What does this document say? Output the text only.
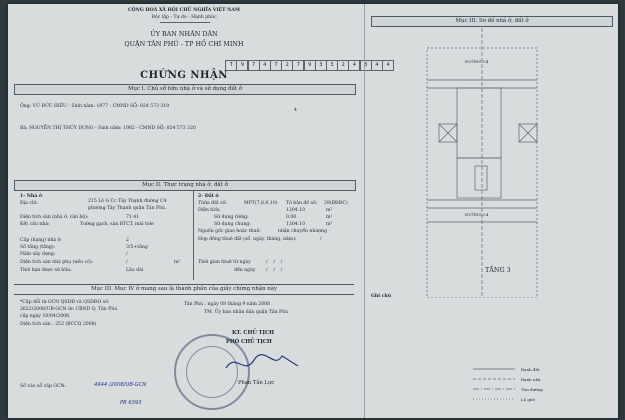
CỘNG HOÀ XÃ HỘI CHỦ NGHĨA VIỆT NAM
Độc lập - Tự do - Hạnh phúc
ỦY BAN NHÂN DÂN
QUẬN TÂN PHÚ - TP HỒ CHÍ MINH
T	9	7	4	7	2	7	9	3	3	2	4	8	4	4
CHỨNG NHẬN
Mục I. Chủ sở hữu nhà ở và sử dụng đất ở
Ông: VŨ ĐỨC HIẾU - Sinh năm: 1977 - CMND SỐ: 024 573 319
4
Bà: NGUYỄN THỊ THÚY DUNG - Sinh năm: 1982 - CMND SỐ: 024 573 320
Mục II. Thực trạng nhà ở, đất ở
1- Nhà ở
Địa chỉ:	215 Lô G Cc Tây Thạnh đường C4
phường Tây Thạnh quận Tân Phú.
Diện tích sàn (nhà ở, căn hộ):	71.41
Kết cấu nhà:	Tường gạch, sàn BTCT, mái tole
Cấp (hạng) nhà ở:	2
Số tầng (tầng):	3/5+tầng
Năm xây dựng:	/
Diện tích sàn nhà phụ (nếu có):	/	m²
Thời hạn được sử hữu:	Lâu dài
2- Đất ở
Thửa đất số:	MPT(7,8,9,10) Tờ bản đồ số: 29(BĐĐC)
Diện tích:	1304.10	m²
Sử dụng riêng:	0.00	m²
Sử dụng chung:	1304.10	m²
Nguồn gốc giao hoặc thuê:	nhận chuyển nhượng
Hợp đồng thuê đất (số, ngày, tháng, năm):	/
Thời gian thuê từ ngày	/    /    /
đến ngày /    /    /
Mục III. Mục IV ở mang sau là thành phần của giấy chứng nhận này
*Cấp đổi từ GCN QSDĐ và QSDĐO số:
2622/2008/UB-GCN do UBND Q. Tân Phú
cấp ngày 10/04/2008.
Diện tích sàn : 253 (BCCQ 2008)
Tân Phú , ngày 08 tháng 9 năm 2008
TM. Ủy ban nhân dân quận Tân Phú
KT. CHỦ TỊCH
PHÓ CHỦ TỊCH
Phan Tấn Lực
Số vào sổ cấp GCN:	4944 /2008/UB-GCN
PB 6393
Mục III. Sơ đồ nhà ở, đất ở
ĐƯỜNG C4
ĐƯỜNG C4
TẦNG 3
Ghi chú
Ranh đất
Ranh nhà
Tim đường
Lộ giới
